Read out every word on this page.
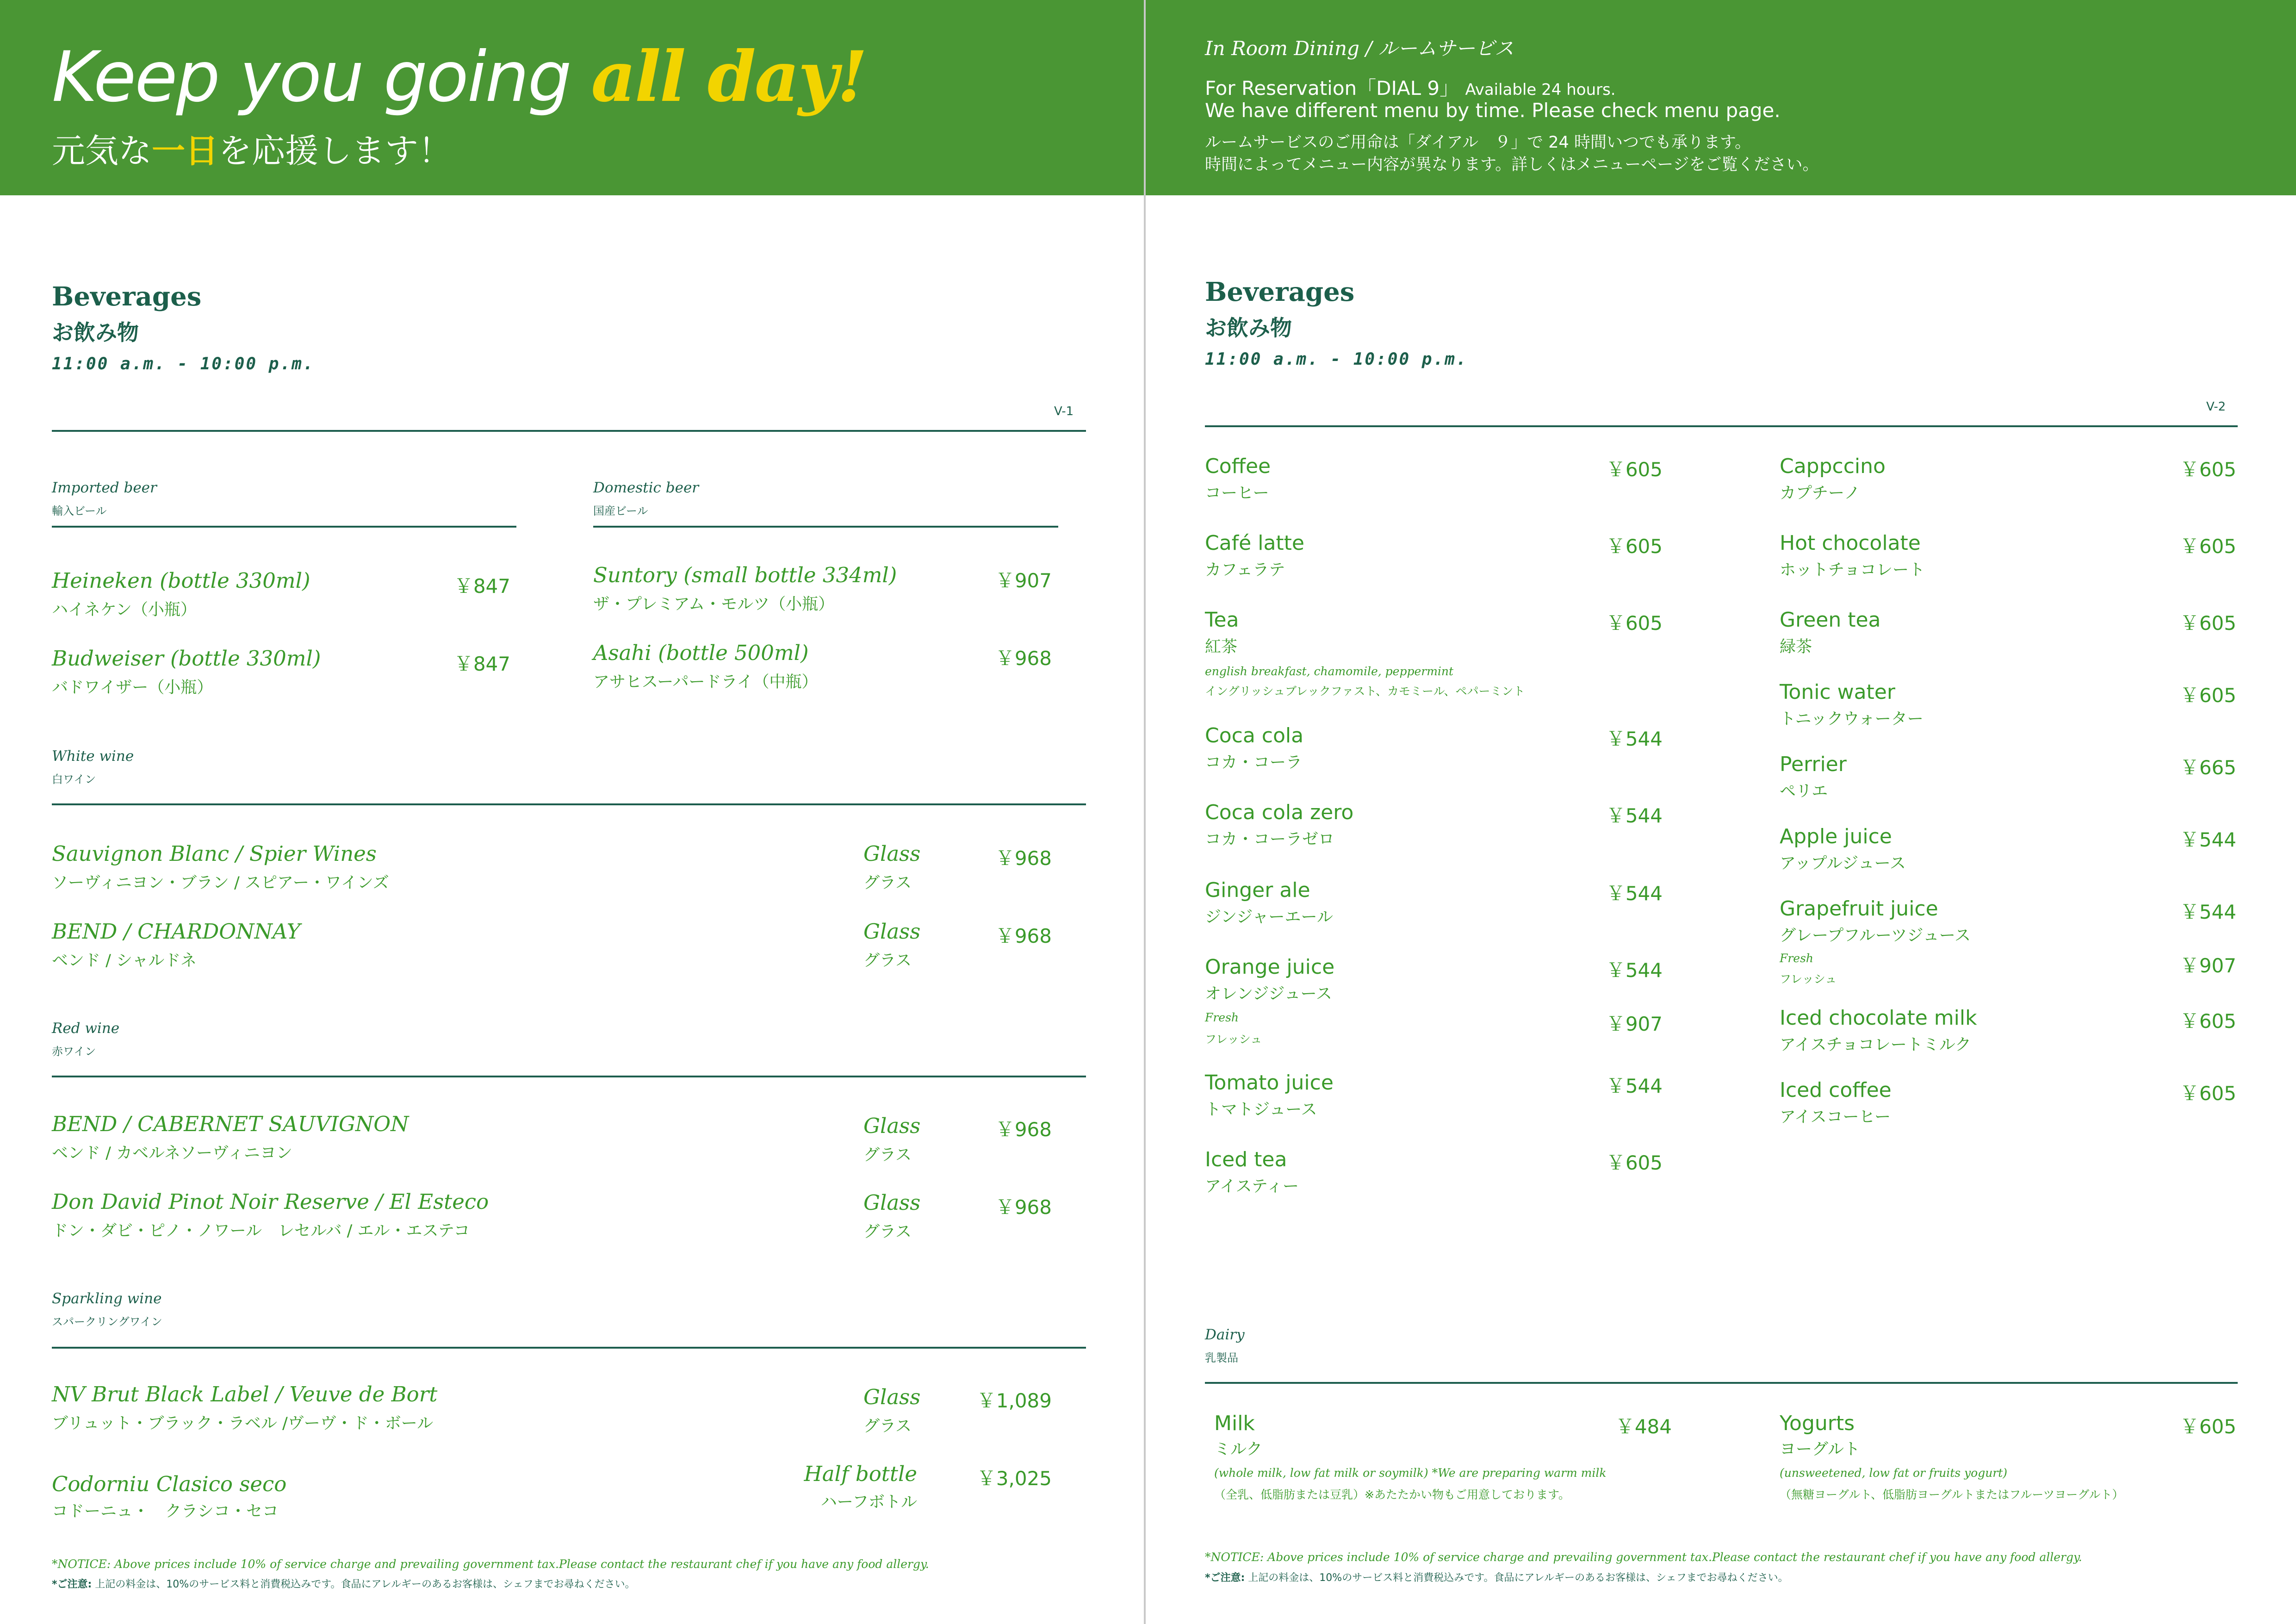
Keep you going all day!
元気な一日を応援します！
In Room Dining / ルームサービス
For Reservation「DIAL 9」 Available 24 hours.
We have different menu by time. Please check menu page.
ルームサービスのご用命は「ダイアル　９」で 24 時間いつでも承ります。
時間によってメニュー内容が異なります。詳しくはメニューページをご覧ください。
Beverages
お飲み物
11:00 a.m. - 10:00 p.m.
V-1
Imported beer
輸入ビール
Heineken (bottle 330ml)
ハイネケン（小瓶）
￥847
Budweiser (bottle 330ml)
バドワイザー（小瓶）
￥847
Domestic beer
国産ビール
Suntory (small bottle 334ml)
ザ・プレミアム・モルツ（小瓶）
￥907
Asahi (bottle 500ml)
アサヒスーパードライ（中瓶）
￥968
White wine
白ワイン
Sauvignon Blanc / Spier Wines
ソーヴィニヨン・ブラン / スピアー・ワインズ
Glass
グラス
￥968
BEND / CHARDONNAY
ベンド / シャルドネ
Glass
グラス
￥968
Red wine
赤ワイン
BEND / CABERNET SAUVIGNON
ベンド / カベルネソーヴィニヨン
Glass
グラス
￥968
Don David Pinot Noir Reserve / El Esteco
ドン・ダビ・ピノ・ノワール　レセルバ / エル・エステコ
Glass
グラス
￥968
Sparkling wine
スパークリングワイン
NV Brut Black Label / Veuve de Bort
ブリュット・ブラック・ラベル /ヴーヴ・ド・ボール
Glass
グラス
￥1,089
Codorniu Clasico seco
コドーニュ・　クラシコ・セコ
Half bottle
ハーフボトル
￥3,025
*NOTICE: Above prices include 10% of service charge and prevailing government tax.Please contact the restaurant chef if you have any food allergy.
*ご注意: 上記の料金は、10%のサービス料と消費税込みです。食品にアレルギーのあるお客様は、シェフまでお尋ねください。
Beverages
お飲み物
11:00 a.m. - 10:00 p.m.
V-2
Coffee
コーヒー
￥605
Café latte
カフェラテ
￥605
Tea
紅茶
￥605
english breakfast, chamomile, peppermint
イングリッシュブレックファスト、カモミール、ペパーミント
Coca cola
コカ・コーラ
￥544
Coca cola zero
コカ・コーラゼロ
￥544
Ginger ale
ジンジャーエール
￥544
Orange juice
オレンジジュース
￥544
Fresh
フレッシュ
￥907
Tomato juice
トマトジュース
￥544
Iced tea
アイスティー
￥605
Cappccino
カプチーノ
￥605
Hot chocolate
ホットチョコレート
￥605
Green tea
緑茶
￥605
Tonic water
トニックウォーター
￥605
Perrier
ペリエ
￥665
Apple juice
アップルジュース
￥544
Grapefruit juice
グレープフルーツジュース
￥544
Fresh
フレッシュ
￥907
Iced chocolate milk
アイスチョコレートミルク
￥605
Iced coffee
アイスコーヒー
￥605
Dairy
乳製品
Milk
ミルク
￥484
(whole milk, low fat milk or soymilk) *We are preparing warm milk
（全乳、低脂肪または豆乳）※あたたかい物もご用意しております。
Yogurts
ヨーグルト
￥605
(unsweetened, low fat or fruits yogurt)
（無糖ヨーグルト、低脂肪ヨーグルトまたはフルーツヨーグルト）
*NOTICE: Above prices include 10% of service charge and prevailing government tax.Please contact the restaurant chef if you have any food allergy.
*ご注意: 上記の料金は、10%のサービス料と消費税込みです。食品にアレルギーのあるお客様は、シェフまでお尋ねください。
